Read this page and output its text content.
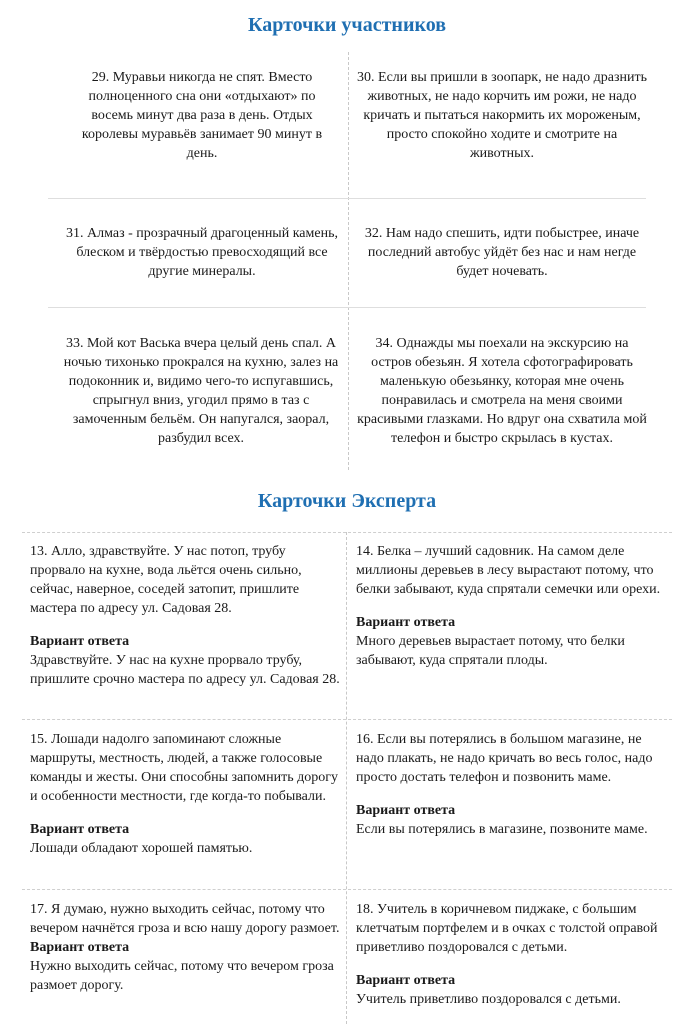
Карточки участников
29. Муравьи никогда не спят. Вместо полноценного сна они «отдыхают» по восемь минут два раза в день. Отдых королевы муравьёв занимает 90 минут в день.
30. Если вы пришли в зоопарк, не надо дразнить животных, не надо корчить им рожи, не надо кричать и пытаться накормить их мороженым, просто спокойно ходите и смотрите на животных.
31. Алмаз - прозрачный драгоценный камень, блеском и твёрдостью превосходящий все другие минералы.
32. Нам надо спешить, идти побыстрее, иначе последний автобус уйдёт без нас и нам негде будет ночевать.
33. Мой кот Васька вчера целый день спал. А ночью тихонько прокрался на кухню, залез на подоконник и, видимо чего-то испугавшись, спрыгнул вниз, угодил прямо в таз с замоченным бельём. Он напугался, заорал, разбудил всех.
34. Однажды мы поехали на экскурсию на остров обезьян. Я хотела сфотографировать маленькую обезьянку, которая мне очень понравилась и смотрела на меня своими красивыми глазками. Но вдруг она схватила мой телефон и быстро скрылась в кустах.
Карточки Эксперта
13. Алло, здравствуйте. У нас потоп, трубу прорвало на кухне, вода льётся очень сильно, сейчас, наверное, соседей затопит, пришлите мастера по адресу ул. Садовая 28.
Вариант ответа
Здравствуйте. У нас на кухне прорвало трубу, пришлите срочно мастера по адресу ул. Садовая 28.
14. Белка – лучший садовник. На самом деле миллионы деревьев в лесу вырастают потому, что белки забывают, куда спрятали семечки или орехи.
Вариант ответа
Много деревьев вырастает потому, что белки забывают, куда спрятали плоды.
15. Лошади надолго запоминают сложные маршруты, местность, людей, а также голосовые команды и жесты. Они способны запомнить дорогу и особенности местности, где когда-то побывали.
Вариант ответа
Лошади обладают хорошей памятью.
16. Если вы потерялись в большом магазине, не надо плакать, не надо кричать во весь голос, надо просто достать телефон и позвонить маме.
Вариант ответа
Если вы потерялись в магазине, позвоните маме.
17. Я думаю, нужно выходить сейчас, потому что вечером начнётся гроза и всю нашу дорогу размоет.
Вариант ответа
Нужно выходить сейчас, потому что вечером гроза размоет дорогу.
18. Учитель в коричневом пиджаке, с большим клетчатым портфелем и в очках с толстой оправой приветливо поздоровался с детьми.
Вариант ответа
Учитель приветливо поздоровался с детьми.
